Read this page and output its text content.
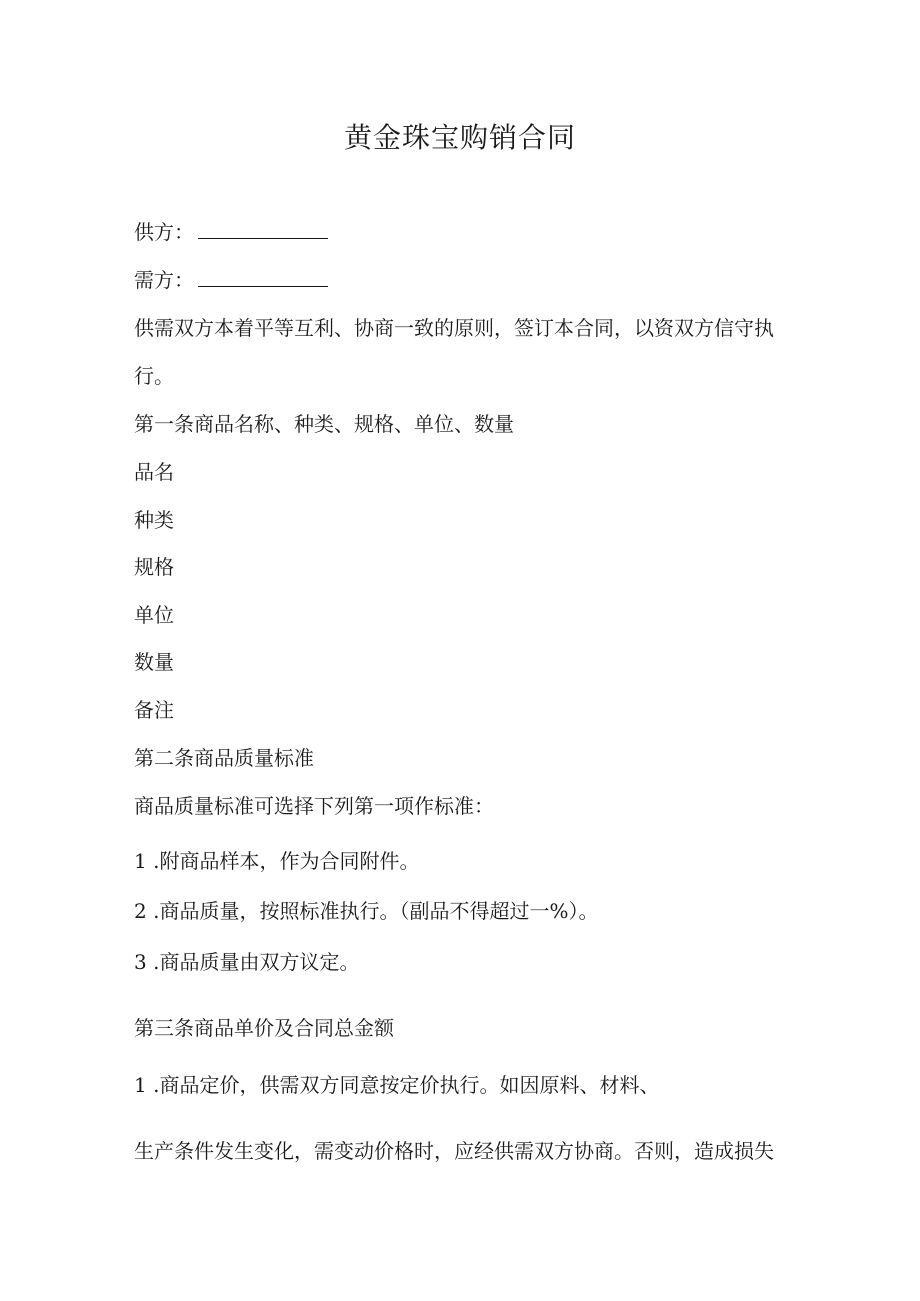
黄金珠宝购销合同
供方：
需方：
供需双方本着平等互利、协商一致的原则，签订本合同，以资双方信守执
行。
第一条商品名称、种类、规格、单位、数量
品名
种类
规格
单位
数量
备注
第二条商品质量标准
商品质量标准可选择下列第一项作标准：
1 .附商品样本，作为合同附件。
2 .商品质量，按照标准执行。（副品不得超过一%）。
3 .商品质量由双方议定。
第三条商品单价及合同总金额
1 .商品定价，供需双方同意按定价执行。如因原料、材料、
生产条件发生变化，需变动价格时，应经供需双方协商。否则，造成损失
